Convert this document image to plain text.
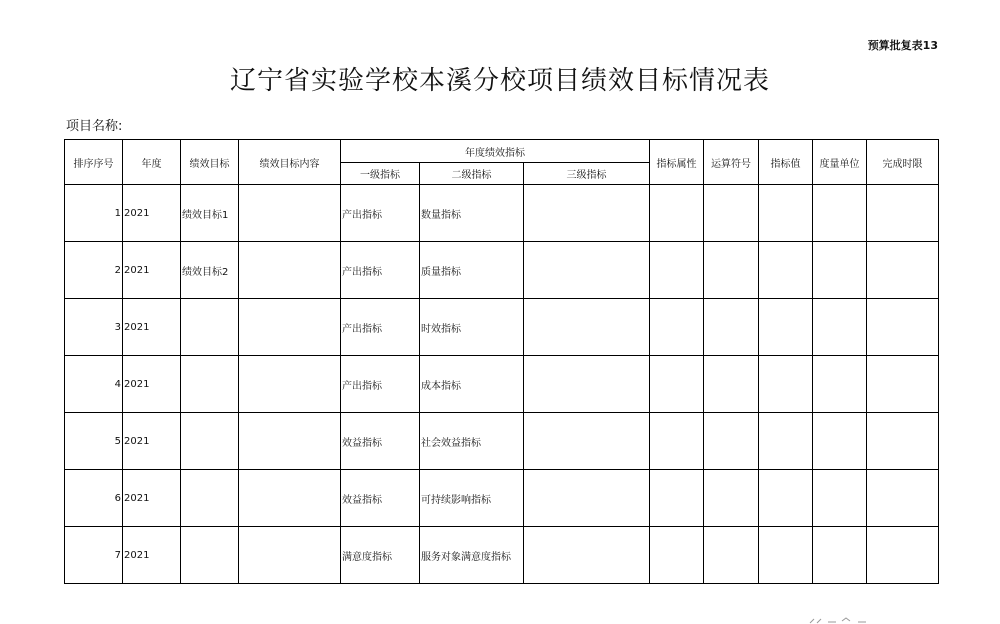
预算批复表13
辽宁省实验学校本溪分校项目绩效目标情况表
项目名称:
排序序号	年度	绩效目标	绩效目标内容	年度绩效指标			指标属性	运算符号	指标值	度量单位	完成时限
				一级指标	二级指标	三级指标					
1	2021	绩效目标1		产出指标	数量指标						
2	2021	绩效目标2		产出指标	质量指标						
3	2021			产出指标	时效指标						
4	2021			产出指标	成本指标						
5	2021			效益指标	社会效益指标						
6	2021			效益指标	可持续影响指标						
7	2021			满意度指标	服务对象满意度指标						
